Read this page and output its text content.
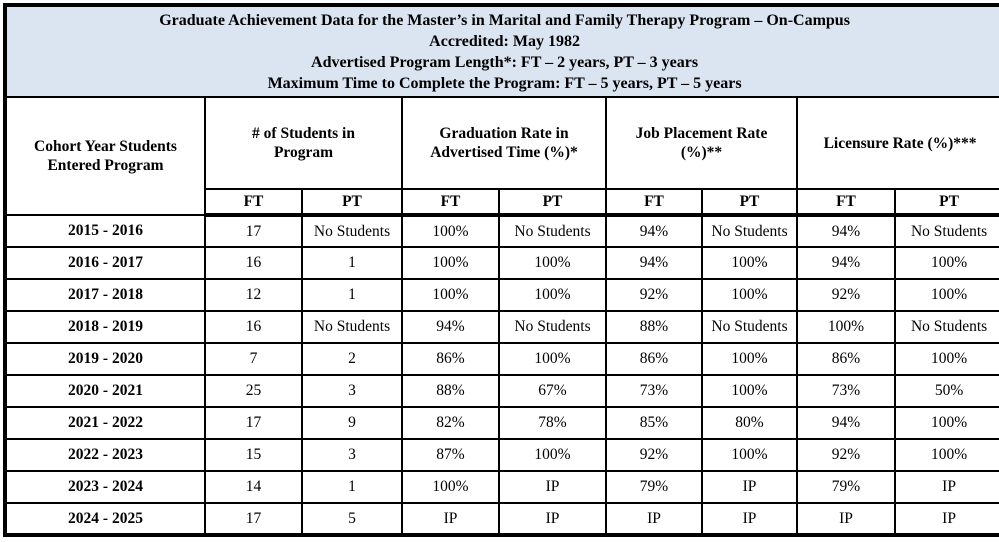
Graduate Achievement Data for the Master’s in Marital and Family Therapy Program – On-Campus
Accredited: May 1982
Advertised Program Length*: FT – 2 years, PT – 3 years
Maximum Time to Complete the Program: FT – 5 years, PT – 5 years								

Cohort Year Students Entered Program	# of Students in Program		Graduation Rate in Advertised Time (%)*		Job Placement Rate (%)**		Licensure Rate (%)***	
	FT	PT	FT	PT	FT	PT	FT	PT
2015 - 2016	17	No Students	100%	No Students	94%	No Students	94%	No Students
2016 - 2017	16	1	100%	100%	94%	100%	94%	100%
2017 - 2018	12	1	100%	100%	92%	100%	92%	100%
2018 - 2019	16	No Students	94%	No Students	88%	No Students	100%	No Students
2019 - 2020	7	2	86%	100%	86%	100%	86%	100%
2020 - 2021	25	3	88%	67%	73%	100%	73%	50%
2021 - 2022	17	9	82%	78%	85%	80%	94%	100%
2022 - 2023	15	3	87%	100%	92%	100%	92%	100%
2023 - 2024	14	1	100%	IP	79%	IP	79%	IP
2024 - 2025	17	5	IP	IP	IP	IP	IP	IP
